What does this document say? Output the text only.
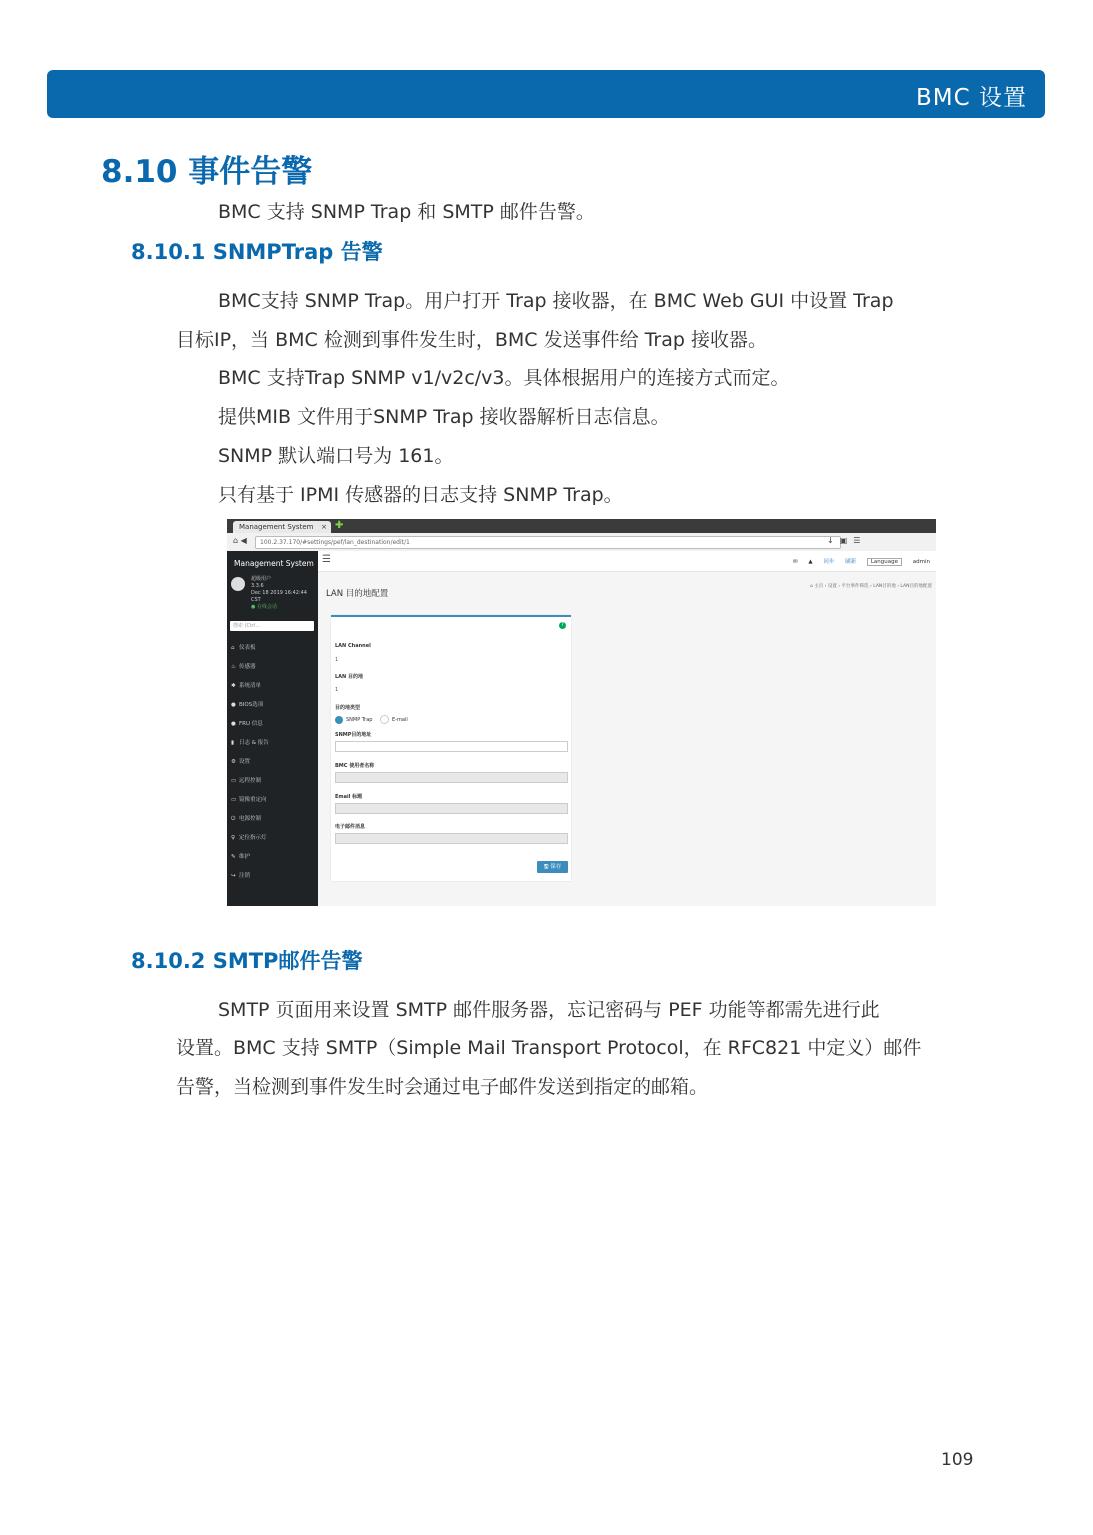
BMC 设置
8.10 事件告警
BMC 支持 SNMP Trap 和 SMTP 邮件告警。
8.10.1 SNMPTrap 告警
BMC支持 SNMP Trap。用户打开 Trap 接收器，在 BMC Web GUI 中设置 Trap
目标IP，当 BMC 检测到事件发生时，BMC 发送事件给 Trap 接收器。
BMC 支持Trap SNMP v1/v2c/v3。具体根据用户的连接方式而定。
提供MIB 文件用于SNMP Trap 接收器解析日志信息。
SNMP 默认端口号为 161。
只有基于 IPMI 传感器的日志支持 SNMP Trap。
Management System × ✚
⌂ ◀	100.2.37.170/#settings/pef/lan_destination/edit/1	↓▣☰
Management System
超级用户
3.3.6
Dec 18 2019 16:42:44 CST
● 在线会话
搜索 (Ctrl...
⌂ 仪表板
♨ 传感器
✱ 系统清单
● BIOS选项
● FRU 信息
▮ 日志 & 报告
⚙ 设置
▭ 远程控制
▭ 镜像重定向
⏻ 电源控制
♀ 定位指示灯
✎ 维护
↪ 注销
☰	✉ ▲ 同步 刷新	Language	admin
LAN 目的地配置
⌂ 主页 › 设置 › 平台事件筛选 › LAN目的地 › LAN目的地配置
?
LAN Channel
1
LAN 目的地
1
目的地类型
SNMP Trap	E-mail
SNMP目的地址
BMC 使用者名称
Email 标题
电子邮件消息
🖫 保存
8.10.2 SMTP邮件告警
SMTP 页面用来设置 SMTP 邮件服务器，忘记密码与 PEF 功能等都需先进行此
设置。BMC 支持 SMTP（Simple Mail Transport Protocol，在 RFC821 中定义）邮件
告警，当检测到事件发生时会通过电子邮件发送到指定的邮箱。
109
